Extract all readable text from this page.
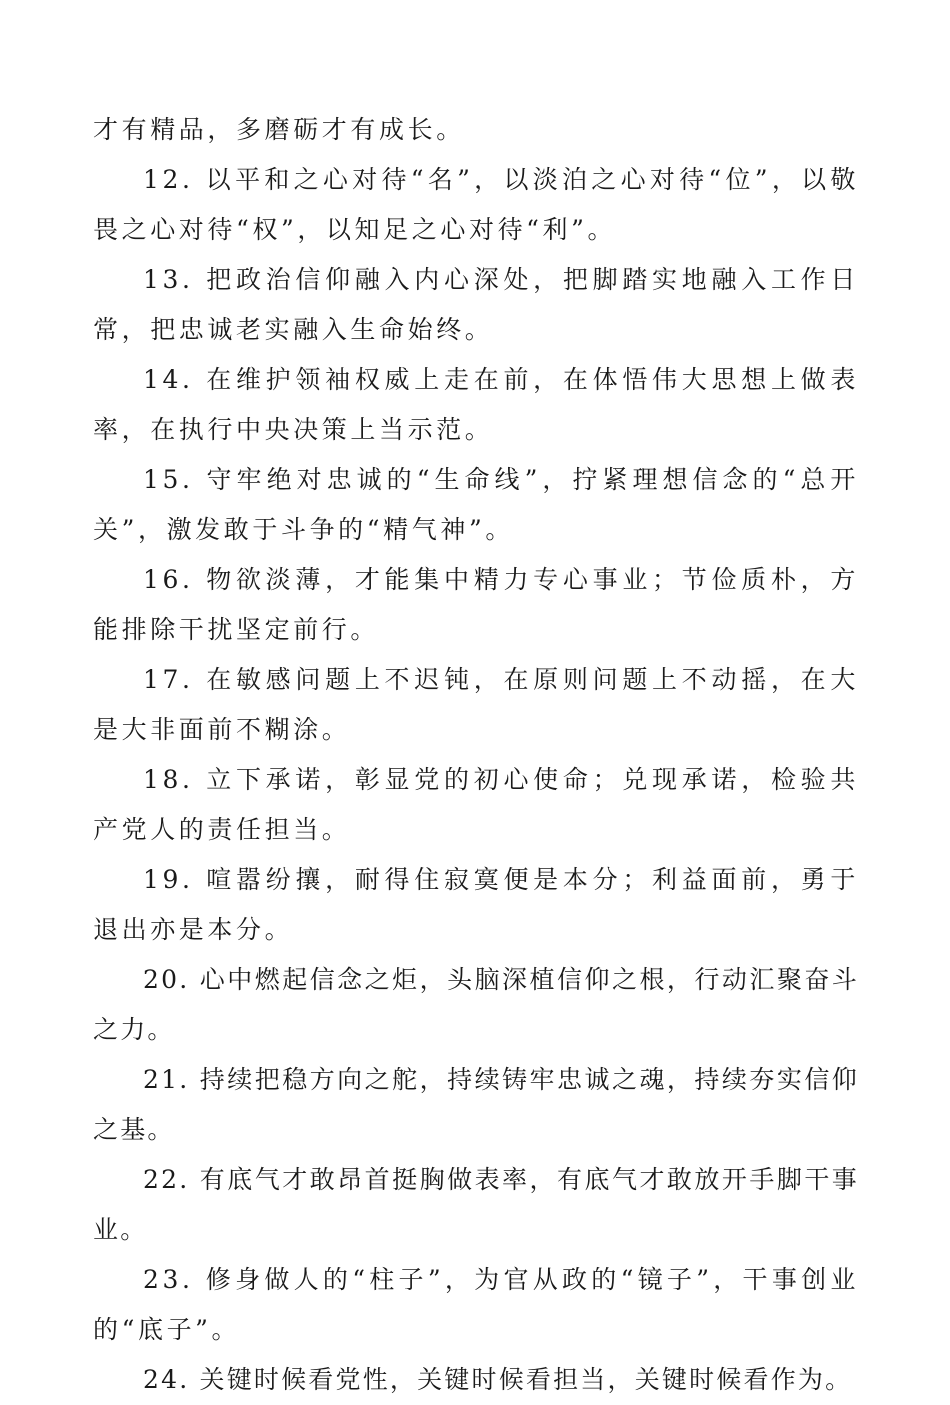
才有精品，多磨砺才有成长。

12. 以平和之心对待“名”，以淡泊之心对待“位”，以敬畏之心对待“权”，以知足之心对待“利”。

13. 把政治信仰融入内心深处，把脚踏实地融入工作日常，把忠诚老实融入生命始终。

14. 在维护领袖权威上走在前，在体悟伟大思想上做表率，在执行中央决策上当示范。

15. 守牢绝对忠诚的“生命线”，拧紧理想信念的“总开关”，激发敢于斗争的“精气神”。

16. 物欲淡薄，才能集中精力专心事业；节俭质朴，方能排除干扰坚定前行。

17. 在敏感问题上不迟钝，在原则问题上不动摇，在大是大非面前不糊涂。

18. 立下承诺，彰显党的初心使命；兑现承诺，检验共产党人的责任担当。

19. 喧嚣纷攘，耐得住寂寞便是本分；利益面前，勇于退出亦是本分。

20. 心中燃起信念之炬，头脑深植信仰之根，行动汇聚奋斗之力。

21. 持续把稳方向之舵，持续铸牢忠诚之魂，持续夯实信仰之基。

22. 有底气才敢昂首挺胸做表率，有底气才敢放开手脚干事业。

23. 修身做人的“柱子”，为官从政的“镜子”，干事创业的“底子”。

24. 关键时候看党性，关键时候看担当，关键时候看作为。
